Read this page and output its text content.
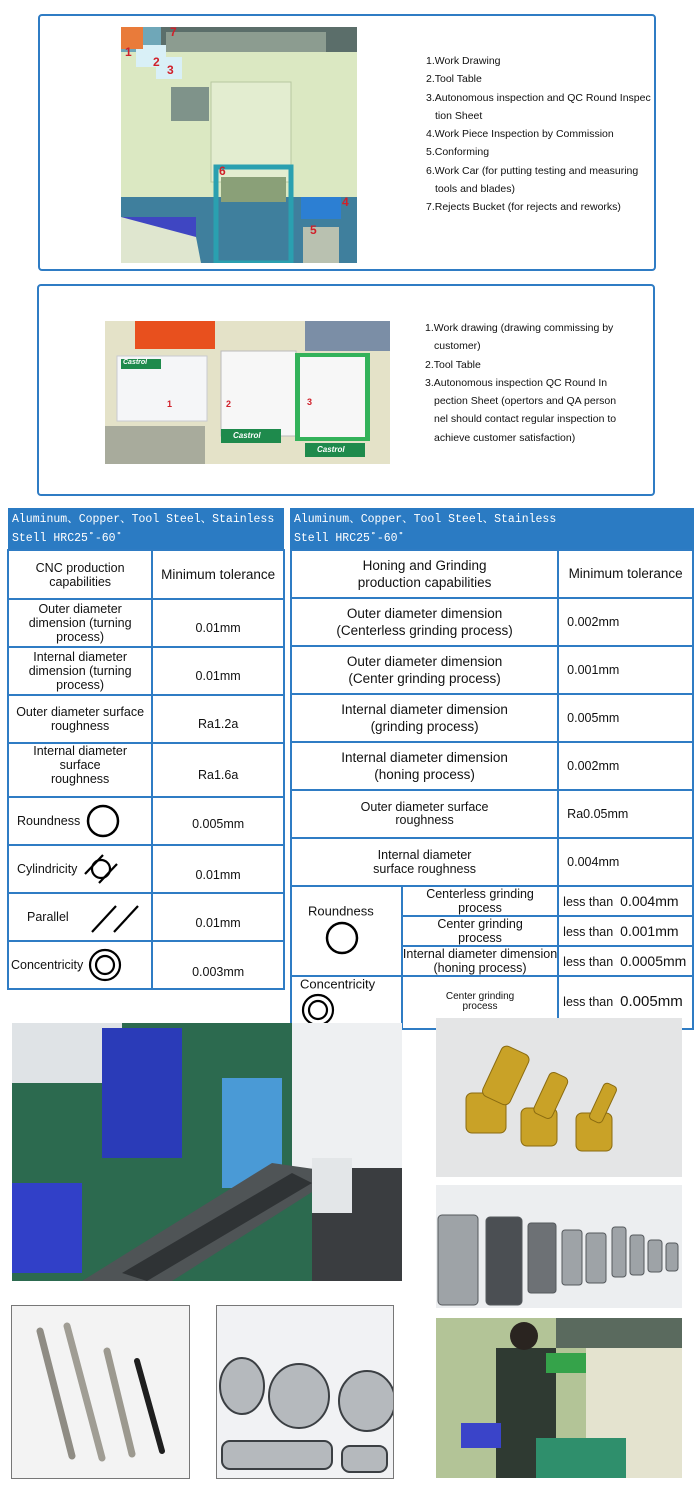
1
2
3
4
5
6
7
1.Work Drawing
2.Tool Table
3.Autonomous inspection and QC Round Inspec
tion Sheet
4.Work Piece Inspection by Commission
5.Conforming
6.Work Car (for putting testing and measuring
tools and blades)
7.Rejects Bucket (for rejects and reworks)
1	2	3
Castrol
Castrol
Castrol
1.Work drawing (drawing commissing by
customer)
2.Tool Table
3.Autonomous inspection QC Round In
pection Sheet (opertors and QA person
nel should contact regular inspection to
achieve customer satisfaction)
Aluminum、Copper、Tool Steel、Stainless
Stell HRC25˚-60˚
CNC production capabilities	Minimum tolerance
Outer diameter dimension (turning process)	0.01mm
Internal diameter dimension (turning process)	0.01mm
Outer diameter surface roughness	Ra1.2a
Internal diameter surface roughness	Ra1.6a
Roundness	0.005mm
Cylindricity	0.01mm
Parallel	0.01mm
Concentricity	0.003mm
Aluminum、Copper、Tool Steel、Stainless
Stell HRC25˚-60˚
Honing and Grinding production capabilities		Minimum tolerance

Outer diameter dimension
(Centerless grinding process)		0.002mm

Outer diameter dimension
(Center grinding process)		0.001mm

Internal diameter dimension
(grinding process)		0.005mm

Internal diameter dimension
(honing process)		0.002mm

Outer diameter surface
roughness		Ra0.05mm

Internal diameter
surface roughness		0.004mm
Roundness	Centerless grinding
process	less than 0.004mm

	Center grinding
process	less than 0.001mm

	Internal diameter dimension
(honing process)	less than 0.0005mm
Concentricity	Center grinding
process	less than 0.005mm
